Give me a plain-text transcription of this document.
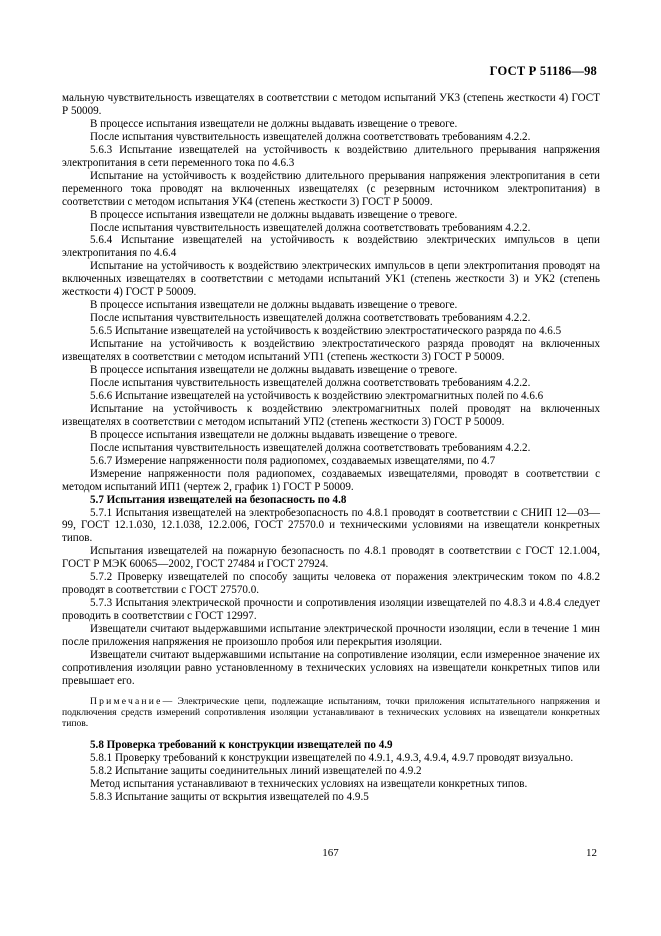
ГОСТ Р 51186—98

мальную чувствительность извещателях в соответствии с методом испытаний УК3 (степень жесткости 4) ГОСТ Р 50009.

В процессе испытания извещатели не должны выдавать извещение о тревоге.

После испытания чувствительность извещателей должна соответствовать требованиям 4.2.2.

5.6.3 Испытание извещателей на устойчивость к воздействию длительного прерывания напряжения электропитания в сети переменного тока по 4.6.3

Испытание на устойчивость к воздействию длительного прерывания напряжения электропитания в сети переменного тока проводят на включенных извещателях (с резервным источником электропитания) в соответствии с методом испытания УК4 (степень жесткости 3) ГОСТ Р 50009.

В процессе испытания извещатели не должны выдавать извещение о тревоге.

После испытания чувствительность извещателей должна соответствовать требованиям 4.2.2.

5.6.4 Испытание извещателей на устойчивость к воздействию электрических импульсов в цепи электропитания по 4.6.4

Испытание на устойчивость к воздействию электрических импульсов в цепи электропитания проводят на включенных извещателях в соответствии с методами испытаний УК1 (степень жесткости 3) и УК2 (степень жесткости 4) ГОСТ Р 50009.

В процессе испытания извещатели не должны выдавать извещение о тревоге.

После испытания чувствительность извещателей должна соответствовать требованиям 4.2.2.

5.6.5 Испытание извещателей на устойчивость к воздействию электростатического разряда по 4.6.5

Испытание на устойчивость к воздействию электростатического разряда проводят на включенных извещателях в соответствии с методом испытаний УП1 (степень жесткости 3) ГОСТ Р 50009.

В процессе испытания извещатели не должны выдавать извещение о тревоге.

После испытания чувствительность извещателей должна соответствовать требованиям 4.2.2.

5.6.6 Испытание извещателей на устойчивость к воздействию электромагнитных полей по 4.6.6

Испытание на устойчивость к воздействию электромагнитных полей проводят на включенных извещателях в соответствии с методом испытаний УП2 (степень жесткости 3) ГОСТ Р 50009.

В процессе испытания извещатели не должны выдавать извещение о тревоге.

После испытания чувствительность извещателей должна соответствовать требованиям 4.2.2.

5.6.7 Измерение напряженности поля радиопомех, создаваемых извещателями, по 4.7

Измерение напряженности поля радиопомех, создаваемых извещателями, проводят в соответствии с методом испытаний ИП1 (чертеж 2, график 1) ГОСТ Р 50009.

5.7 Испытания извещателей на безопасность по 4.8

5.7.1 Испытания извещателей на электробезопасность по 4.8.1 проводят в соответствии с СНИП 12—03—99, ГОСТ 12.1.030, 12.1.038, 12.2.006, ГОСТ 27570.0 и техническими условиями на извещатели конкретных типов.

Испытания извещателей на пожарную безопасность по 4.8.1 проводят в соответствии с ГОСТ 12.1.004, ГОСТ Р МЭК 60065—2002, ГОСТ 27484 и ГОСТ 27924.

5.7.2 Проверку извещателей по способу защиты человека от поражения электрическим током по 4.8.2 проводят в соответствии с ГОСТ 27570.0.

5.7.3 Испытания электрической прочности и сопротивления изоляции извещателей по 4.8.3 и 4.8.4 следует проводить в соответствии с ГОСТ 12997.

Извещатели считают выдержавшими испытание электрической прочности изоляции, если в течение 1 мин после приложения напряжения не произошло пробоя или перекрытия изоляции.

Извещатели считают выдержавшими испытание на сопротивление изоляции, если измеренное значение их сопротивления изоляции равно установленному в технических условиях на извещатели конкретных типов или превышает его.

Примечание— Электрические цепи, подлежащие испытаниям, точки приложения испытательного напряжения и подключения средств измерений сопротивления изоляции устанавливают в технических условиях на извещатели конкретных типов.

5.8 Проверка требований к конструкции извещателей по 4.9

5.8.1 Проверку требований к конструкции извещателей по 4.9.1, 4.9.3, 4.9.4, 4.9.7 проводят визуально.

5.8.2 Испытание защиты соединительных линий извещателей по 4.9.2

Метод испытания устанавливают в технических условиях на извещатели конкретных типов.

5.8.3 Испытание защиты от вскрытия извещателей по 4.9.5

167	12
